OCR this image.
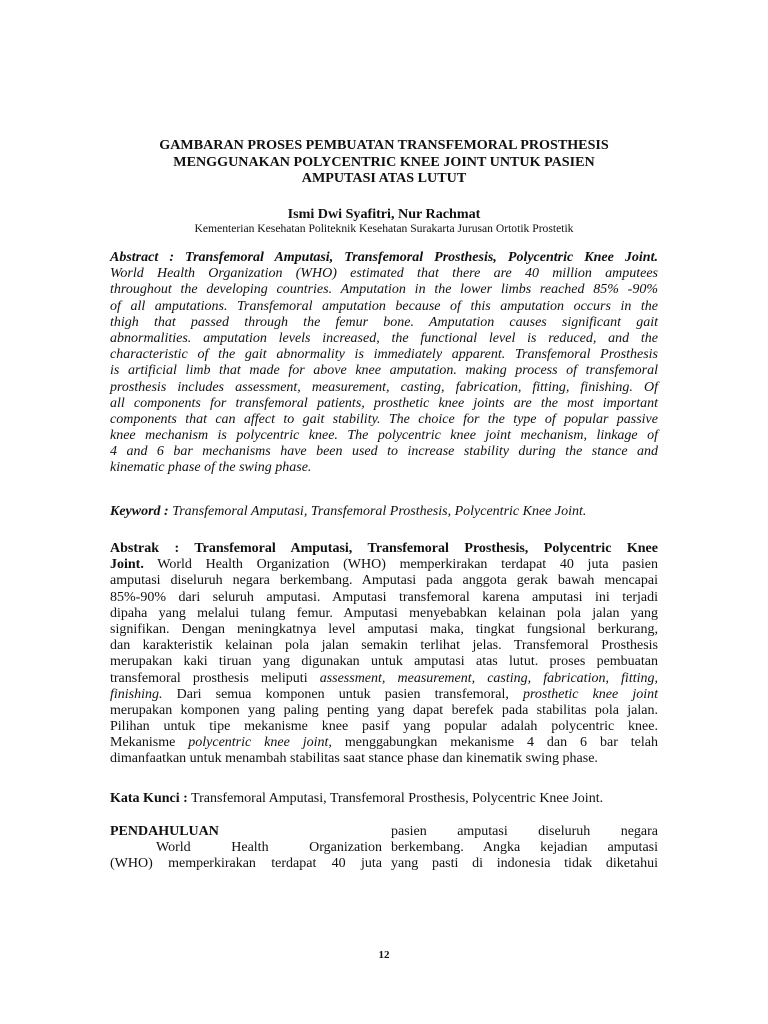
GAMBARAN PROSES PEMBUATAN TRANSFEMORAL PROSTHESIS
MENGGUNAKAN POLYCENTRIC KNEE JOINT UNTUK PASIEN
AMPUTASI ATAS LUTUT
Ismi Dwi Syafitri, Nur Rachmat
Kementerian Kesehatan Politeknik Kesehatan Surakarta Jurusan Ortotik Prostetik
Abstract : Transfemoral Amputasi, Transfemoral Prosthesis, Polycentric Knee Joint.
World Health Organization (WHO) estimated that there are 40 million amputees
throughout the developing countries. Amputation in the lower limbs reached 85% -90%
of all amputations. Transfemoral amputation because of this amputation occurs in the
thigh that passed through the femur bone. Amputation causes significant gait
abnormalities. amputation levels increased, the functional level is reduced, and the
characteristic of the gait abnormality is immediately apparent. Transfemoral Prosthesis
is artificial limb that made for above knee amputation. making process of transfemoral
prosthesis includes assessment, measurement, casting, fabrication, fitting, finishing. Of
all components for transfemoral patients, prosthetic knee joints are the most important
components that can affect to gait stability. The choice for the type of popular passive
knee mechanism is polycentric knee. The polycentric knee joint mechanism, linkage of
4 and 6 bar mechanisms have been used to increase stability during the stance and
kinematic phase of the swing phase.
Keyword : Transfemoral Amputasi, Transfemoral Prosthesis, Polycentric Knee Joint.
Abstrak : Transfemoral Amputasi, Transfemoral Prosthesis, Polycentric Knee
Joint. World Health Organization (WHO) memperkirakan terdapat 40 juta pasien
amputasi diseluruh negara berkembang. Amputasi pada anggota gerak bawah mencapai
85%-90% dari seluruh amputasi. Amputasi transfemoral karena amputasi ini terjadi
dipaha yang melalui tulang femur. Amputasi menyebabkan kelainan pola jalan yang
signifikan. Dengan meningkatnya level amputasi maka, tingkat fungsional berkurang,
dan karakteristik kelainan pola jalan semakin terlihat jelas. Transfemoral Prosthesis
merupakan kaki tiruan yang digunakan untuk amputasi atas lutut. proses pembuatan
transfemoral prosthesis meliputi assessment, measurement, casting, fabrication, fitting,
finishing. Dari semua komponen untuk pasien transfemoral, prosthetic knee joint
merupakan komponen yang paling penting yang dapat berefek pada stabilitas pola jalan.
Pilihan untuk tipe mekanisme knee pasif yang popular adalah polycentric knee.
Mekanisme polycentric knee joint, menggabungkan mekanisme 4 dan 6 bar telah
dimanfaatkan untuk menambah stabilitas saat stance phase dan kinematik swing phase.
Kata Kunci : Transfemoral Amputasi, Transfemoral Prosthesis, Polycentric Knee Joint.
PENDAHULUAN
World Health Organization
(WHO) memperkirakan terdapat 40 juta
pasien amputasi diseluruh negara
berkembang. Angka kejadian amputasi
yang pasti di indonesia tidak diketahui
12
